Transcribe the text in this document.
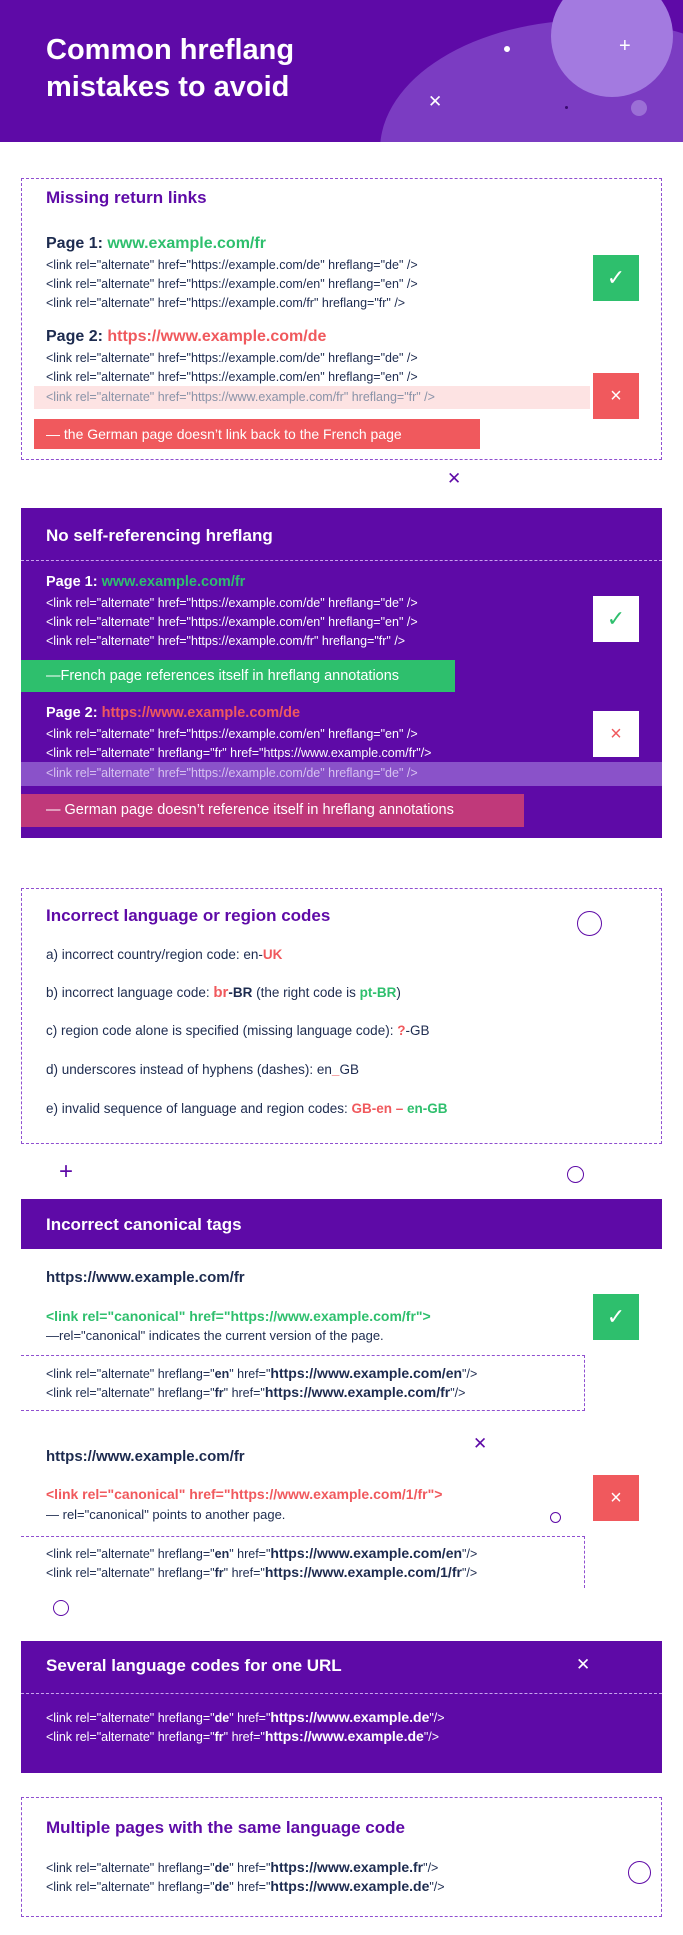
+
✕
Common hreflang
mistakes to avoid
Missing return links
Page 1: www.example.com/fr
<link rel="alternate" href="https://example.com/de" hreflang="de" />
<link rel="alternate" href="https://example.com/en" hreflang="en" />
<link rel="alternate" href="https://example.com/fr" hreflang="fr" />
✓
Page 2: https://www.example.com/de
<link rel="alternate" href="https://example.com/de" hreflang="de" />
<link rel="alternate" href="https://example.com/en" hreflang="en" />
<link rel="alternate" href="https://www.example.com/fr" hreflang="fr" />	×
— the German page doesn’t link back to the French page
✕
No self-referencing hreflang
Page 1: www.example.com/fr
<link rel="alternate" href="https://example.com/de" hreflang="de" />
<link rel="alternate" href="https://example.com/en" hreflang="en" />
<link rel="alternate" href="https://example.com/fr" hreflang="fr" />
✓
—French page references itself in hreflang annotations
Page 2: https://www.example.com/de
<link rel="alternate" href="https://example.com/en" hreflang="en" />
<link rel="alternate" hreflang="fr" href="https://www.example.com/fr"/>
<link rel="alternate" href="https://example.com/de" hreflang="de" />
×
— German page doesn’t reference itself in hreflang annotations
Incorrect language or region codes
a) incorrect country/region code: en-UK
b) incorrect language code: br-BR (the right code is pt-BR)
c) region code alone is specified (missing language code): ?-GB
d) underscores instead of hyphens (dashes): en_GB
e) invalid sequence of language and region codes: GB-en – en-GB
+
Incorrect canonical tags
https://www.example.com/fr
<link rel="canonical" href="https://www.example.com/fr">
—rel="canonical" indicates the current version of the page.
✓
<link rel="alternate" hreflang="en" href="https://www.example.com/en"/>
<link rel="alternate" hreflang="fr" href="https://www.example.com/fr"/>
https://www.example.com/fr
✕
<link rel="canonical" href="https://www.example.com/1/fr">
— rel="canonical" points to another page.
×
<link rel="alternate" hreflang="en" href="https://www.example.com/en"/>
<link rel="alternate" hreflang="fr" href="https://www.example.com/1/fr"/>
Several language codes for one URL	✕
<link rel="alternate" hreflang="de" href="https://www.example.de"/>
<link rel="alternate" hreflang="fr" href="https://www.example.de"/>
Multiple pages with the same language code
<link rel="alternate" hreflang="de" href="https://www.example.fr"/>
<link rel="alternate" hreflang="de" href="https://www.example.de"/>
